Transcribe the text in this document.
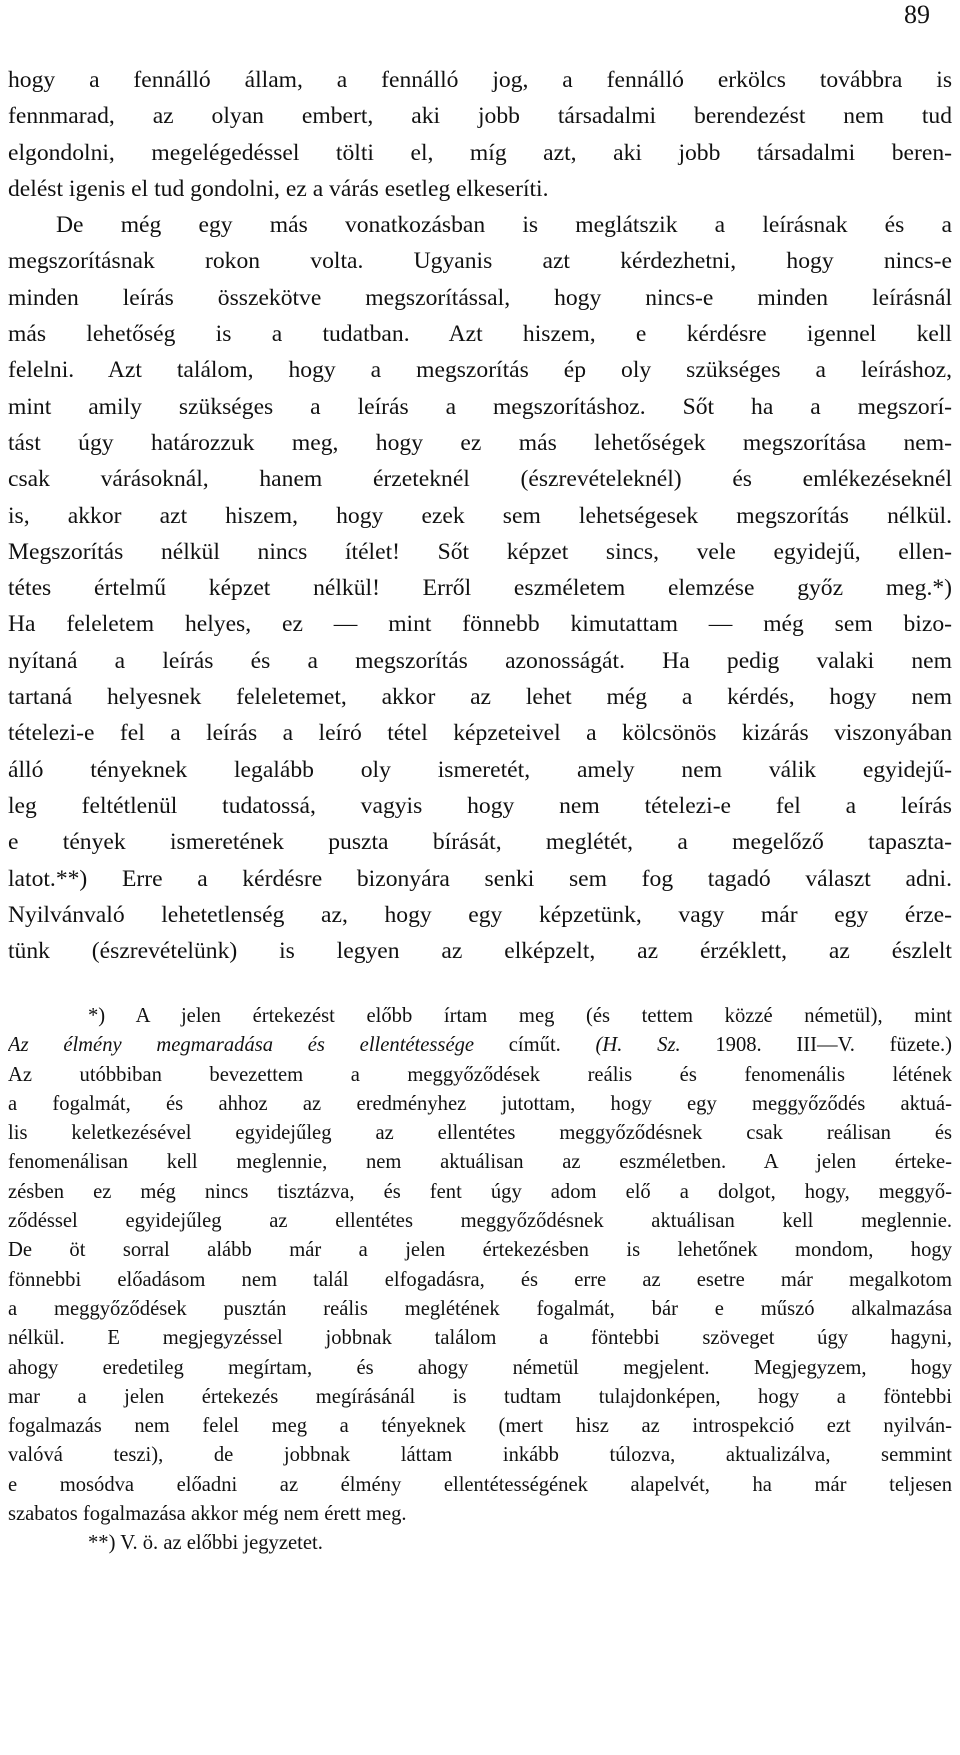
89
hogy a fennálló állam, a fennálló jog, a fennálló erkölcs továbbra is
fennmarad, az olyan embert, aki jobb társadalmi berendezést nem tud
elgondolni, megelégedéssel tölti el, míg azt, aki jobb társadalmi beren-
delést igenis el tud gondolni, ez a várás esetleg elkeseríti.
De még egy más vonatkozásban is meglátszik a leírásnak és a
megszorításnak rokon volta. Ugyanis azt kérdezhetni, hogy nincs-e
minden leírás összekötve megszorítással, hogy nincs-e minden leírásnál
más lehetőség is a tudatban. Azt hiszem, e kérdésre igennel kell
felelni. Azt találom, hogy a megszorítás ép oly szükséges a leíráshoz,
mint amily szükséges a leírás a megszorításhoz. Sőt ha a megszorí-
tást úgy határozzuk meg, hogy ez más lehetőségek megszorítása nem-
csak várásoknál, hanem érzeteknél (észrevételeknél) és emlékezéseknél
is, akkor azt hiszem, hogy ezek sem lehetségesek megszorítás nélkül.
Megszorítás nélkül nincs ítélet! Sőt képzet sincs, vele egyidejű, ellen-
tétes értelmű képzet nélkül! Erről eszméletem elemzése győz meg.*)
Ha feleletem helyes, ez — mint fönnebb kimutattam — még sem bizo-
nyítaná a leírás és a megszorítás azonosságát. Ha pedig valaki nem
tartaná helyesnek feleletemet, akkor az lehet még a kérdés, hogy nem
tételezi-e fel a leírás a leíró tétel képzeteivel a kölcsönös kizárás viszonyában
álló tényeknek legalább oly ismeretét, amely nem válik egyidejű-
leg feltétlenül tudatossá, vagyis hogy nem tételezi-e fel a leírás
e tények ismeretének puszta bírását, meglétét, a megelőző tapaszta-
latot.**) Erre a kérdésre bizonyára senki sem fog tagadó választ adni.
Nyilvánvaló lehetetlenség az, hogy egy képzetünk, vagy már egy érze-
tünk (észrevételünk) is legyen az elképzelt, az érzéklett, az észlelt
*) A jelen értekezést előbb írtam meg (és tettem közzé németül), mint
Az élmény megmaradása és ellentétessége címűt. (H. Sz. 1908. III—V. füzete.)
Az utóbbiban bevezettem a meggyőződések reális és fenomenális létének
a fogalmát, és ahhoz az eredményhez jutottam, hogy egy meggyőződés aktuá-
lis keletkezésével egyidejűleg az ellentétes meggyőződésnek csak reálisan és
fenomenálisan kell meglennie, nem aktuálisan az eszméletben. A jelen érteke-
zésben ez még nincs tisztázva, és fent úgy adom elő a dolgot, hogy, meggyő-
ződéssel egyidejűleg az ellentétes meggyőződésnek aktuálisan kell meglennie.
De öt sorral alább már a jelen értekezésben is lehetőnek mondom, hogy
fönnebbi előadásom nem talál elfogadásra, és erre az esetre már megalkotom
a meggyőződések pusztán reális meglétének fogalmát, bár e műszó alkalmazása
nélkül. E megjegyzéssel jobbnak találom a föntebbi szöveget úgy hagyni,
ahogy eredetileg megírtam, és ahogy németül megjelent. Megjegyzem, hogy
mar a jelen értekezés megírásánál is tudtam tulajdonképen, hogy a föntebbi
fogalmazás nem felel meg a tényeknek (mert hisz az introspekció ezt nyilván-
valóvá teszi), de jobbnak láttam inkább túlozva, aktualizálva, semmint
e mosódva előadni az élmény ellentétességének alapelvét, ha már teljesen
szabatos fogalmazása akkor még nem érett meg.
**) V. ö. az előbbi jegyzetet.
